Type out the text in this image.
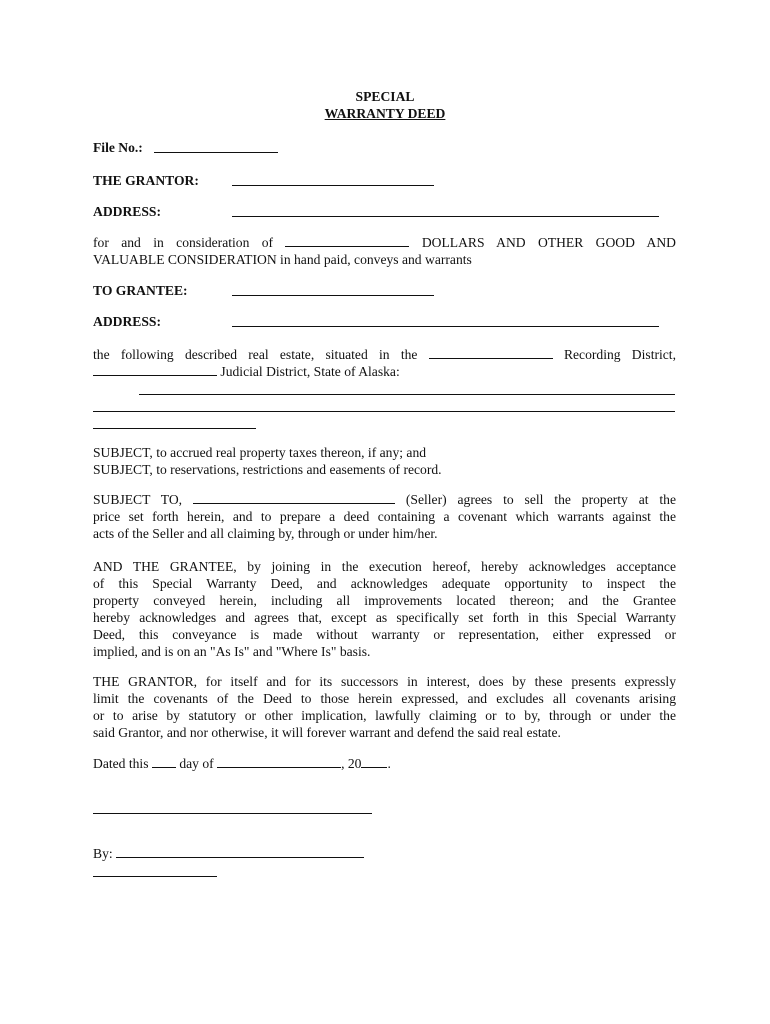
SPECIAL
WARRANTY DEED
File No.:
THE GRANTOR:
ADDRESS:
for and in consideration of	DOLLARS AND OTHER GOOD AND
VALUABLE CONSIDERATION in hand paid, conveys and warrants
TO GRANTEE:
ADDRESS:
the following described real estate, situated in the	Recording District,
Judicial District, State of Alaska:
SUBJECT, to accrued real property taxes thereon, if any; and
SUBJECT, to reservations, restrictions and easements of record.
SUBJECT TO,	(Seller) agrees to sell the property at the
price set forth herein, and to prepare a deed containing a covenant which warrants against the
acts of the Seller and all claiming by, through or under him/her.
AND THE GRANTEE, by joining in the execution hereof, hereby acknowledges acceptance
of this Special Warranty Deed, and acknowledges adequate opportunity to inspect the
property conveyed herein, including all improvements located thereon; and the Grantee
hereby acknowledges and agrees that, except as specifically set forth in this Special Warranty
Deed, this conveyance is made without warranty or representation, either expressed or
implied, and is on an "As Is" and "Where Is" basis.
THE GRANTOR, for itself and for its successors in interest, does by these presents expressly
limit the covenants of the Deed to those herein expressed, and excludes all covenants arising
or to arise by statutory or other implication, lawfully claiming or to by, through or under the
said Grantor, and nor otherwise, it will forever warrant and defend the said real estate.
Dated this day of	, 20 .
By:
